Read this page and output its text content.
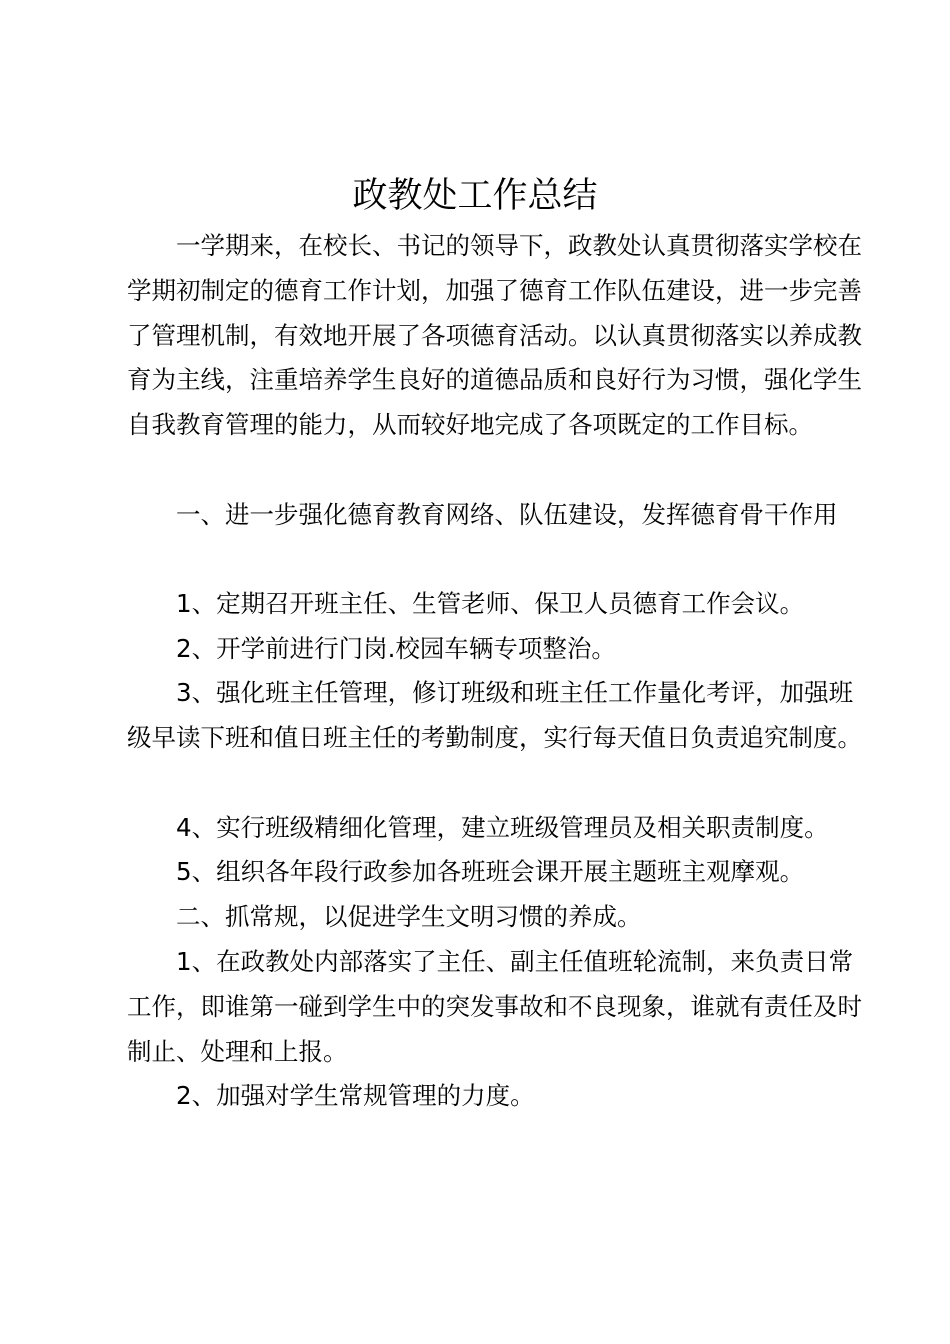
政教处工作总结

一学期来，在校长、书记的领导下，政教处认真贯彻落实学校在学期初制定的德育工作计划，加强了德育工作队伍建设，进一步完善了管理机制，有效地开展了各项德育活动。以认真贯彻落实以养成教育为主线，注重培养学生良好的道德品质和良好行为习惯，强化学生自我教育管理的能力，从而较好地完成了各项既定的工作目标。

一、进一步强化德育教育网络、队伍建设，发挥德育骨干作用

1、定期召开班主任、生管老师、保卫人员德育工作会议。

2、开学前进行门岗.校园车辆专项整治。

3、强化班主任管理，修订班级和班主任工作量化考评，加强班级早读下班和值日班主任的考勤制度，实行每天值日负责追究制度。

4、实行班级精细化管理，建立班级管理员及相关职责制度。

5、组织各年段行政参加各班班会课开展主题班主观摩观。

二、抓常规，以促进学生文明习惯的养成。

1、在政教处内部落实了主任、副主任值班轮流制，来负责日常工作，即谁第一碰到学生中的突发事故和不良现象，谁就有责任及时制止、处理和上报。

2、加强对学生常规管理的力度。
